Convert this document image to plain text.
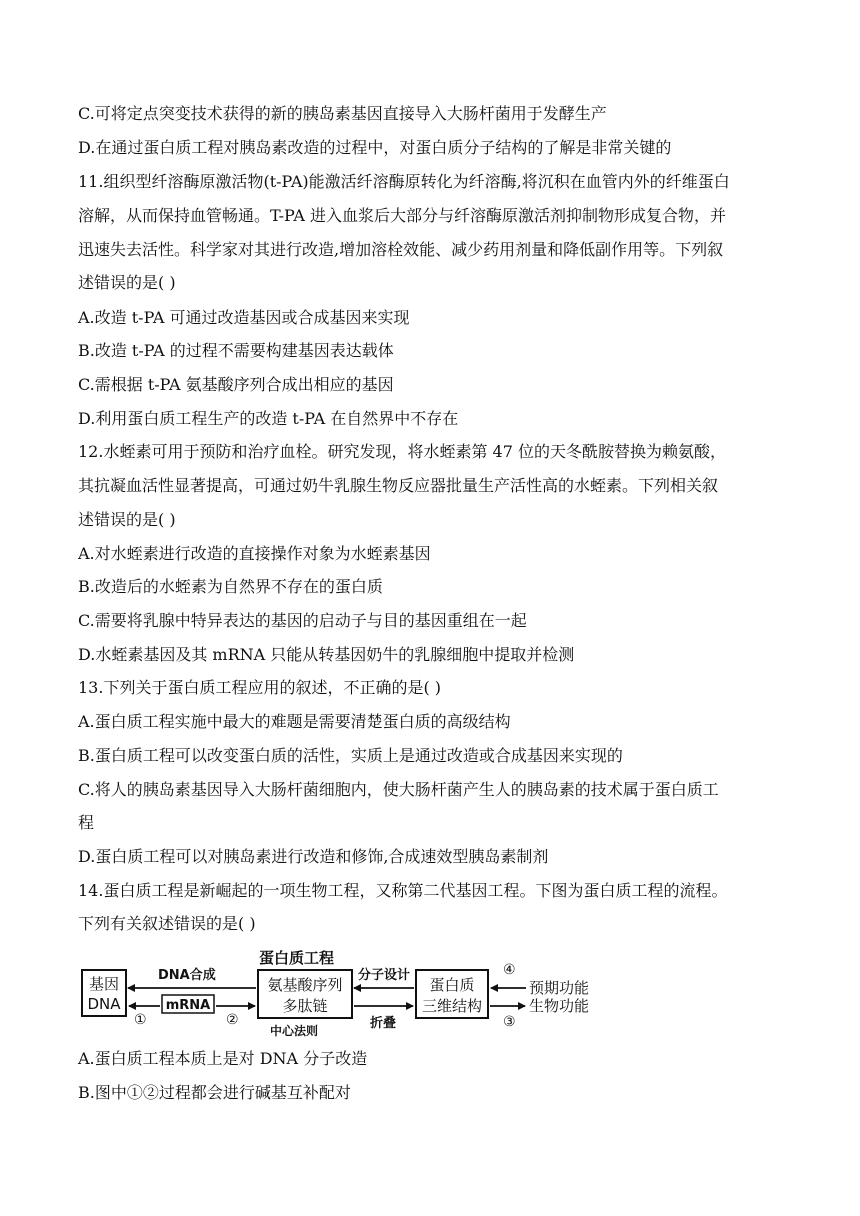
C.可将定点突变技术获得的新的胰岛素基因直接导入大肠杆菌用于发酵生产
D.在通过蛋白质工程对胰岛素改造的过程中，对蛋白质分子结构的了解是非常关键的
11.组织型纤溶酶原激活物(t-PA)能激活纤溶酶原转化为纤溶酶,将沉积在血管内外的纤维蛋白
溶解，从而保持血管畅通。T-PA 进入血浆后大部分与纤溶酶原激活剂抑制物形成复合物，并
迅速失去活性。科学家对其进行改造,增加溶栓效能、减少药用剂量和降低副作用等。下列叙
述错误的是( )
A.改造 t-PA 可通过改造基因或合成基因来实现
B.改造 t-PA 的过程不需要构建基因表达载体
C.需根据 t-PA 氨基酸序列合成出相应的基因
D.利用蛋白质工程生产的改造 t-PA 在自然界中不存在
12.水蛭素可用于预防和治疗血栓。研究发现，将水蛭素第 47 位的天冬酰胺替换为赖氨酸，
其抗凝血活性显著提高，可通过奶牛乳腺生物反应器批量生产活性高的水蛭素。下列相关叙
述错误的是( )
A.对水蛭素进行改造的直接操作对象为水蛭素基因
B.改造后的水蛭素为自然界不存在的蛋白质
C.需要将乳腺中特异表达的基因的启动子与目的基因重组在一起
D.水蛭素基因及其 mRNA 只能从转基因奶牛的乳腺细胞中提取并检测
13.下列关于蛋白质工程应用的叙述，不正确的是( )
A.蛋白质工程实施中最大的难题是需要清楚蛋白质的高级结构
B.蛋白质工程可以改变蛋白质的活性，实质上是通过改造或合成基因来实现的
C.将人的胰岛素基因导入大肠杆菌细胞内，使大肠杆菌产生人的胰岛素的技术属于蛋白质工
程
D.蛋白质工程可以对胰岛素进行改造和修饰,合成速效型胰岛素制剂
14.蛋白质工程是新崛起的一项生物工程，又称第二代基因工程。下图为蛋白质工程的流程。
下列有关叙述错误的是( )
蛋白质工程
基因
DNA
DNA合成
mRNA
①	②
氨基酸序列
多肽链
中心法则
分子设计
折叠
蛋白质
三维结构
④
预期功能
③
生物功能
A.蛋白质工程本质上是对 DNA 分子改造
B.图中①②过程都会进行碱基互补配对
